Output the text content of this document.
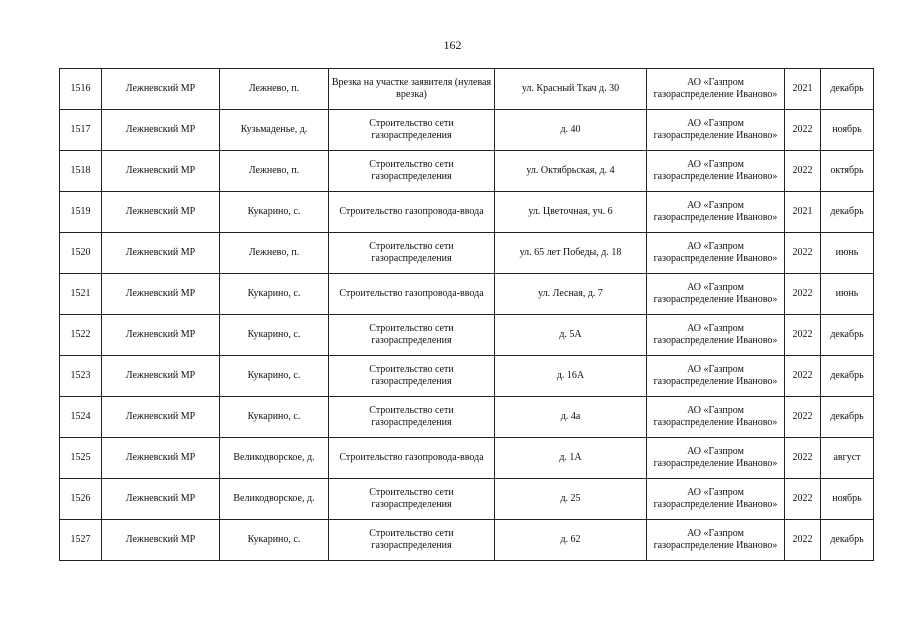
162
1516	Лежневский МР	Лежнево, п.	Врезка на участке заявителя (нулевая врезка)	ул. Красный Ткач д. 30	АО «Газпром газораспределение Иваново»	2021	декабрь
1517	Лежневский МР	Кузьмаденье, д.	Строительство сети газораспределения	д. 40	АО «Газпром газораспределение Иваново»	2022	ноябрь
1518	Лежневский МР	Лежнево, п.	Строительство сети газораспределения	ул. Октябрьская, д. 4	АО «Газпром газораспределение Иваново»	2022	октябрь
1519	Лежневский МР	Кукарино, с.	Строительство газопровода-ввода	ул. Цветочная, уч. 6	АО «Газпром газораспределение Иваново»	2021	декабрь
1520	Лежневский МР	Лежнево, п.	Строительство сети газораспределения	ул. 65 лет Победы, д. 18	АО «Газпром газораспределение Иваново»	2022	июнь
1521	Лежневский МР	Кукарино, с.	Строительство газопровода-ввода	ул. Лесная, д. 7	АО «Газпром газораспределение Иваново»	2022	июнь
1522	Лежневский МР	Кукарино, с.	Строительство сети газораспределения	д. 5А	АО «Газпром газораспределение Иваново»	2022	декабрь
1523	Лежневский МР	Кукарино, с.	Строительство сети газораспределения	д. 16А	АО «Газпром газораспределение Иваново»	2022	декабрь
1524	Лежневский МР	Кукарино, с.	Строительство сети газораспределения	д. 4а	АО «Газпром газораспределение Иваново»	2022	декабрь
1525	Лежневский МР	Великодворское, д.	Строительство газопровода-ввода	д. 1А	АО «Газпром газораспределение Иваново»	2022	август
1526	Лежневский МР	Великодворское, д.	Строительство сети газораспределения	д. 25	АО «Газпром газораспределение Иваново»	2022	ноябрь
1527	Лежневский МР	Кукарино, с.	Строительство сети газораспределения	д. 62	АО «Газпром газораспределение Иваново»	2022	декабрь
